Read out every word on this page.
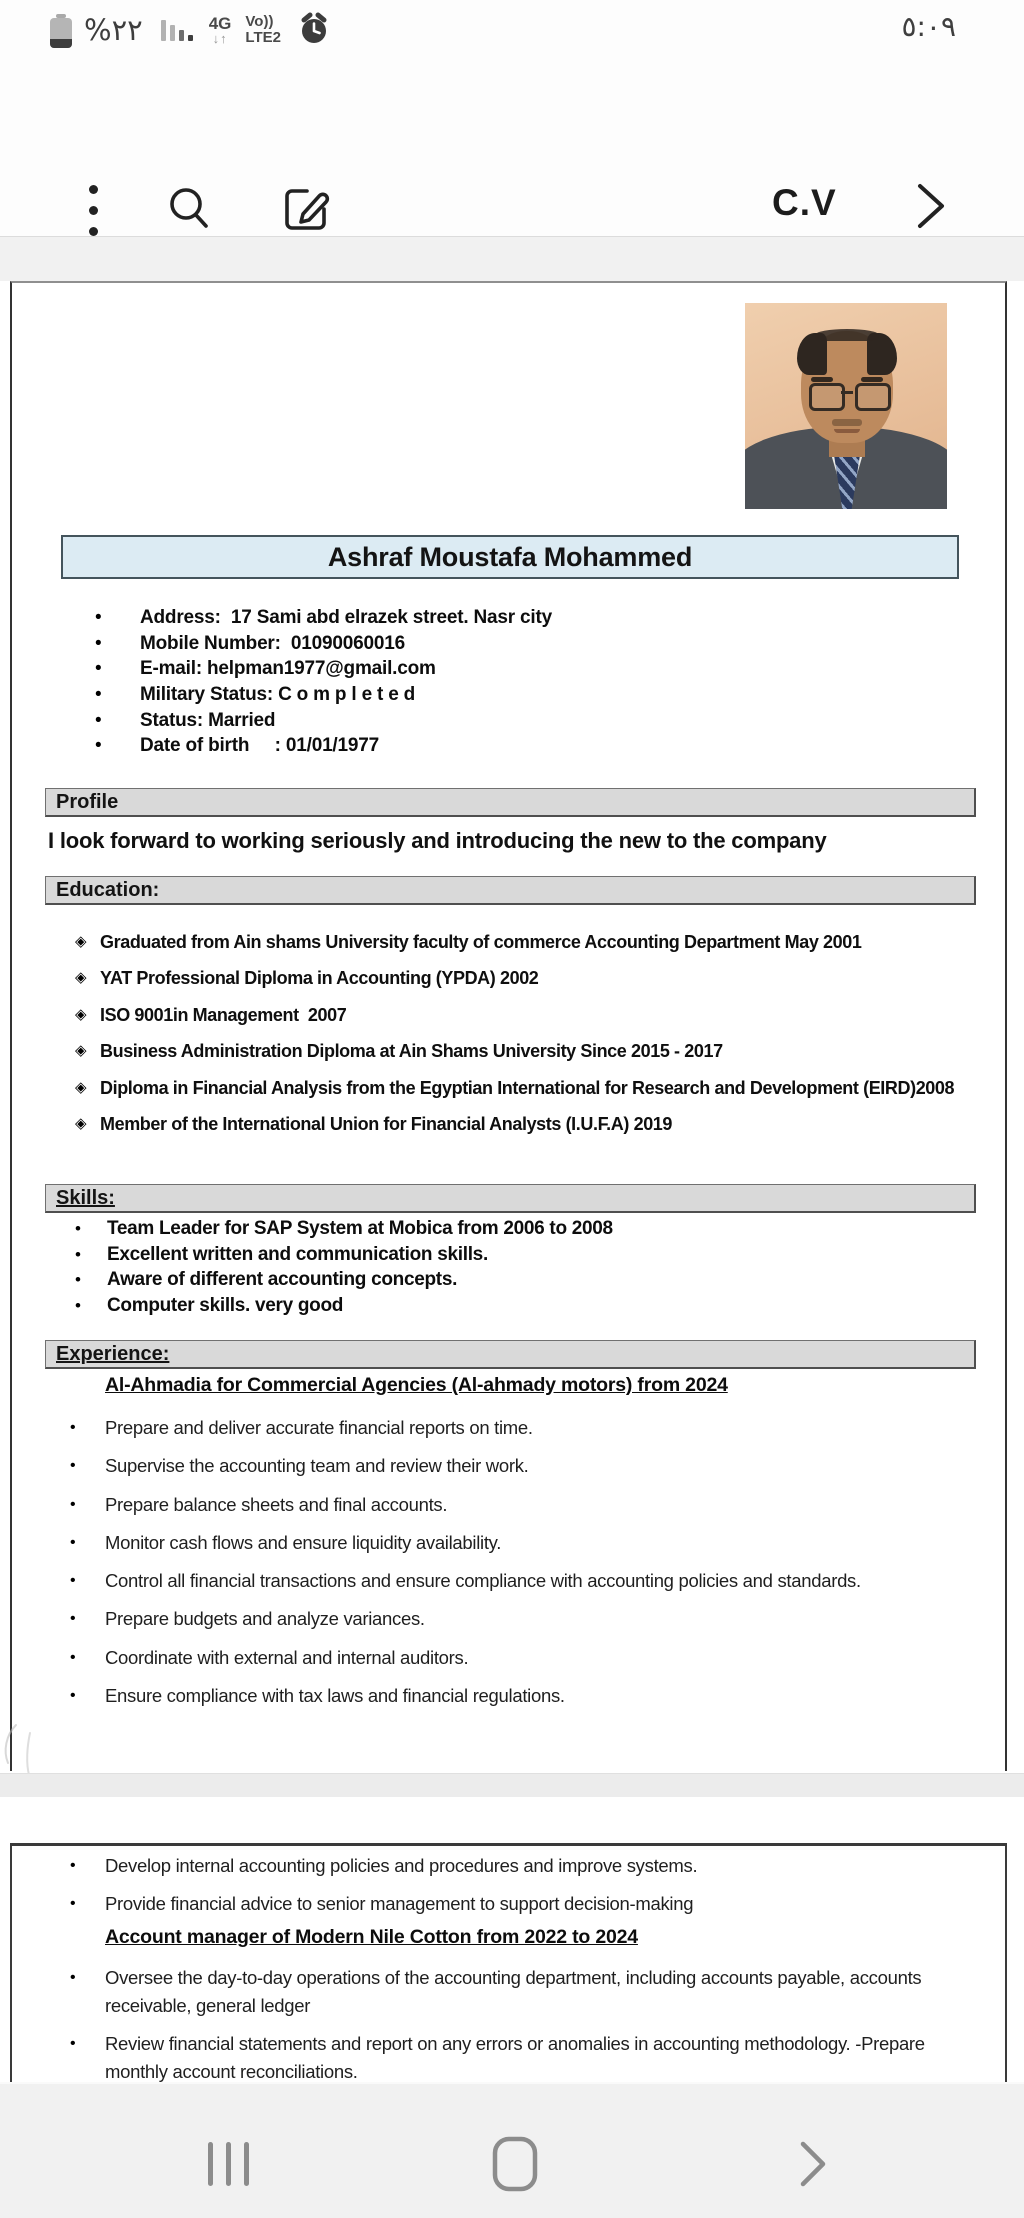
%٢٢	4G
↓↑
Vo))
LTE2	٥:٠٩
C.V
Ashraf Moustafa Mohammed
•	Address:  17 Sami abd elrazek street. Nasr city
•	Mobile Number:  01090060016
•	E-mail: helpman1977@gmail.com
•	Military Status: C o m p l e t e d
•	Status: Married
•	Date of birth     : 01/01/1977
Profile
I look forward to working seriously and introducing the new to the company
Education:
◈ Graduated from Ain shams University faculty of commerce Accounting Department May 2001
◈ YAT Professional Diploma in Accounting (YPDA) 2002
◈ ISO 9001in Management  2007
◈ Business Administration Diploma at Ain Shams University Since 2015 - 2017
◈ Diploma in Financial Analysis from the Egyptian International for Research and Development (EIRD)2008
◈ Member of the International Union for Financial Analysts (I.U.F.A) 2019
Skills:
•	Team Leader for SAP System at Mobica from 2006 to 2008
•	Excellent written and communication skills.
•	Aware of different accounting concepts.
•	Computer skills. very good
Experience:
Al-Ahmadia for Commercial Agencies (Al-ahmady motors) from 2024
•	Prepare and deliver accurate financial reports on time.
•	Supervise the accounting team and review their work.
•	Prepare balance sheets and final accounts.
•	Monitor cash flows and ensure liquidity availability.
•	Control all financial transactions and ensure compliance with accounting policies and standards.
•	Prepare budgets and analyze variances.
•	Coordinate with external and internal auditors.
•	Ensure compliance with tax laws and financial regulations.
•	Develop internal accounting policies and procedures and improve systems.
•	Provide financial advice to senior management to support decision-making
Account manager of Modern Nile Cotton from 2022 to 2024
•	Oversee the day-to-day operations of the accounting department, including accounts payable, accounts receivable, general ledger
•	Review financial statements and report on any errors or anomalies in accounting methodology. -Prepare monthly account reconciliations.
